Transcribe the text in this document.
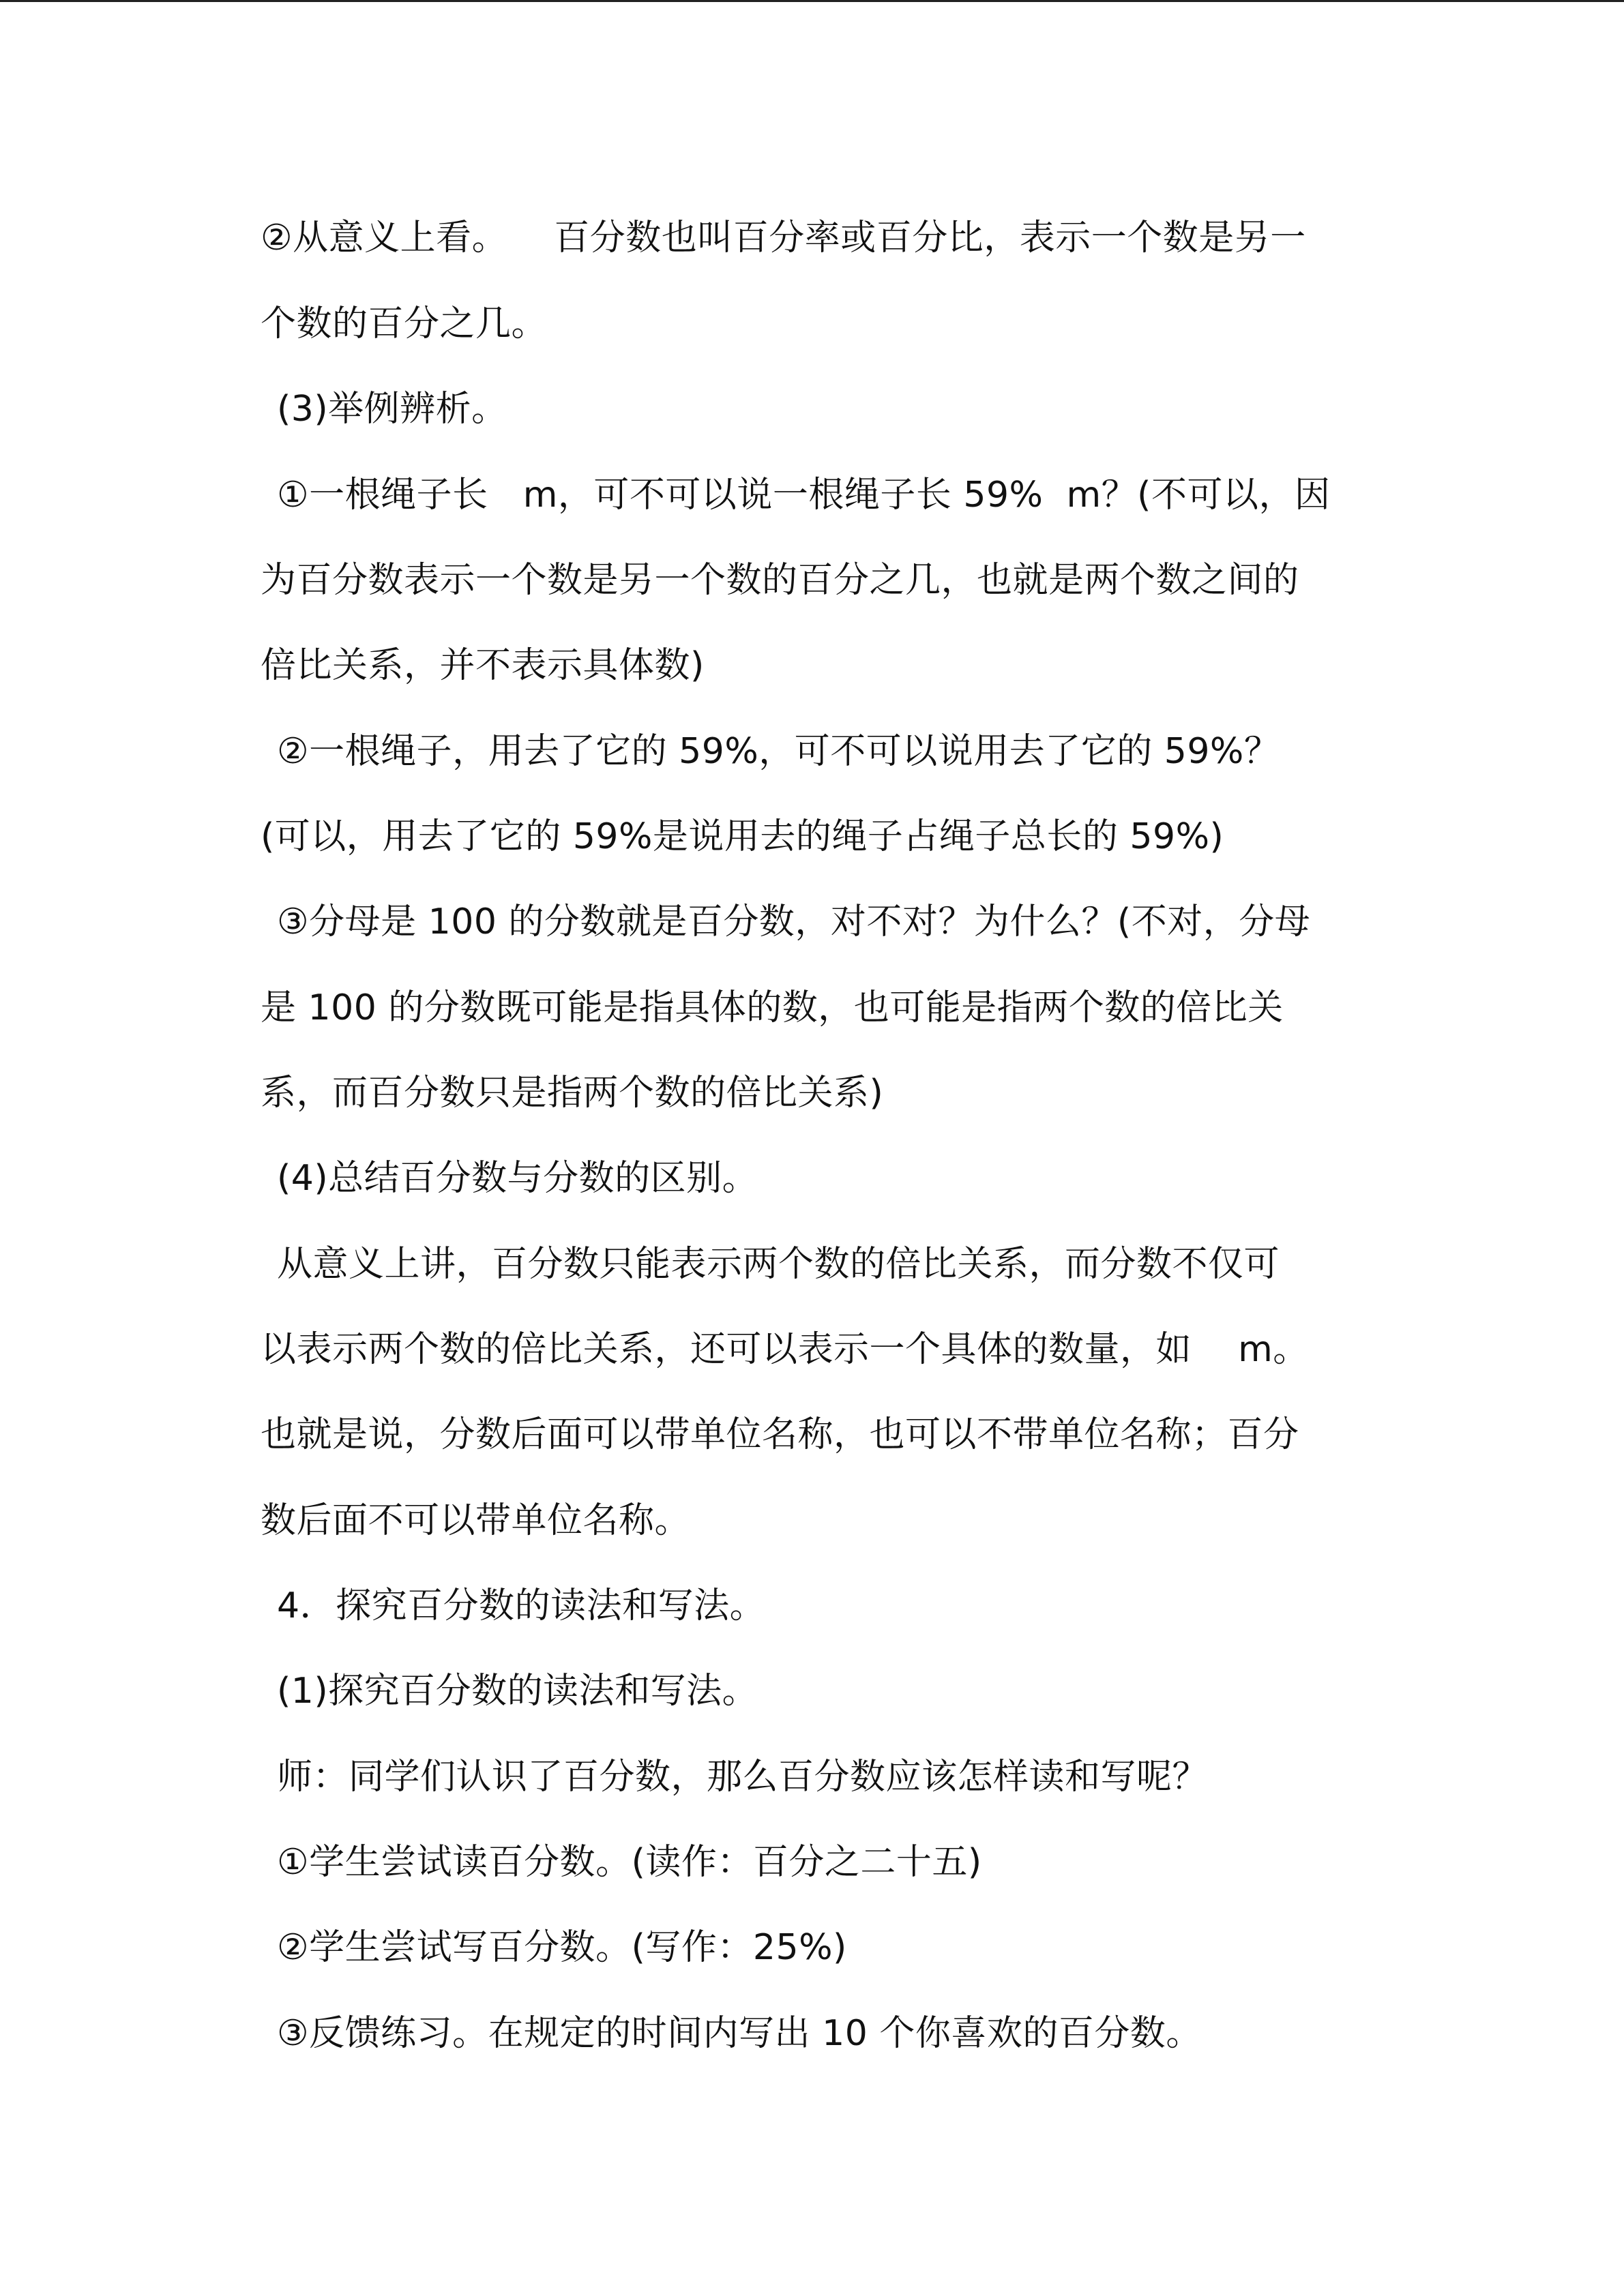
②从意义上看。    百分数也叫百分率或百分比，表示一个数是另一
个数的百分之几。
(3)举例辨析。
①一根绳子长   m，可不可以说一根绳子长 59%  m？(不可以，因
为百分数表示一个数是另一个数的百分之几，也就是两个数之间的
倍比关系，并不表示具体数)
②一根绳子，用去了它的 59%，可不可以说用去了它的 59%？
(可以，用去了它的 59%是说用去的绳子占绳子总长的 59%)
③分母是 100 的分数就是百分数，对不对？为什么？(不对，分母
是 100 的分数既可能是指具体的数，也可能是指两个数的倍比关
系，而百分数只是指两个数的倍比关系)
(4)总结百分数与分数的区别。
从意义上讲，百分数只能表示两个数的倍比关系，而分数不仅可
以表示两个数的倍比关系，还可以表示一个具体的数量，如    m。
也就是说，分数后面可以带单位名称，也可以不带单位名称；百分
数后面不可以带单位名称。
4．探究百分数的读法和写法。
(1)探究百分数的读法和写法。
师：同学们认识了百分数，那么百分数应该怎样读和写呢？
①学生尝试读百分数。(读作：百分之二十五)
②学生尝试写百分数。(写作：25%)
③反馈练习。在规定的时间内写出 10 个你喜欢的百分数。
